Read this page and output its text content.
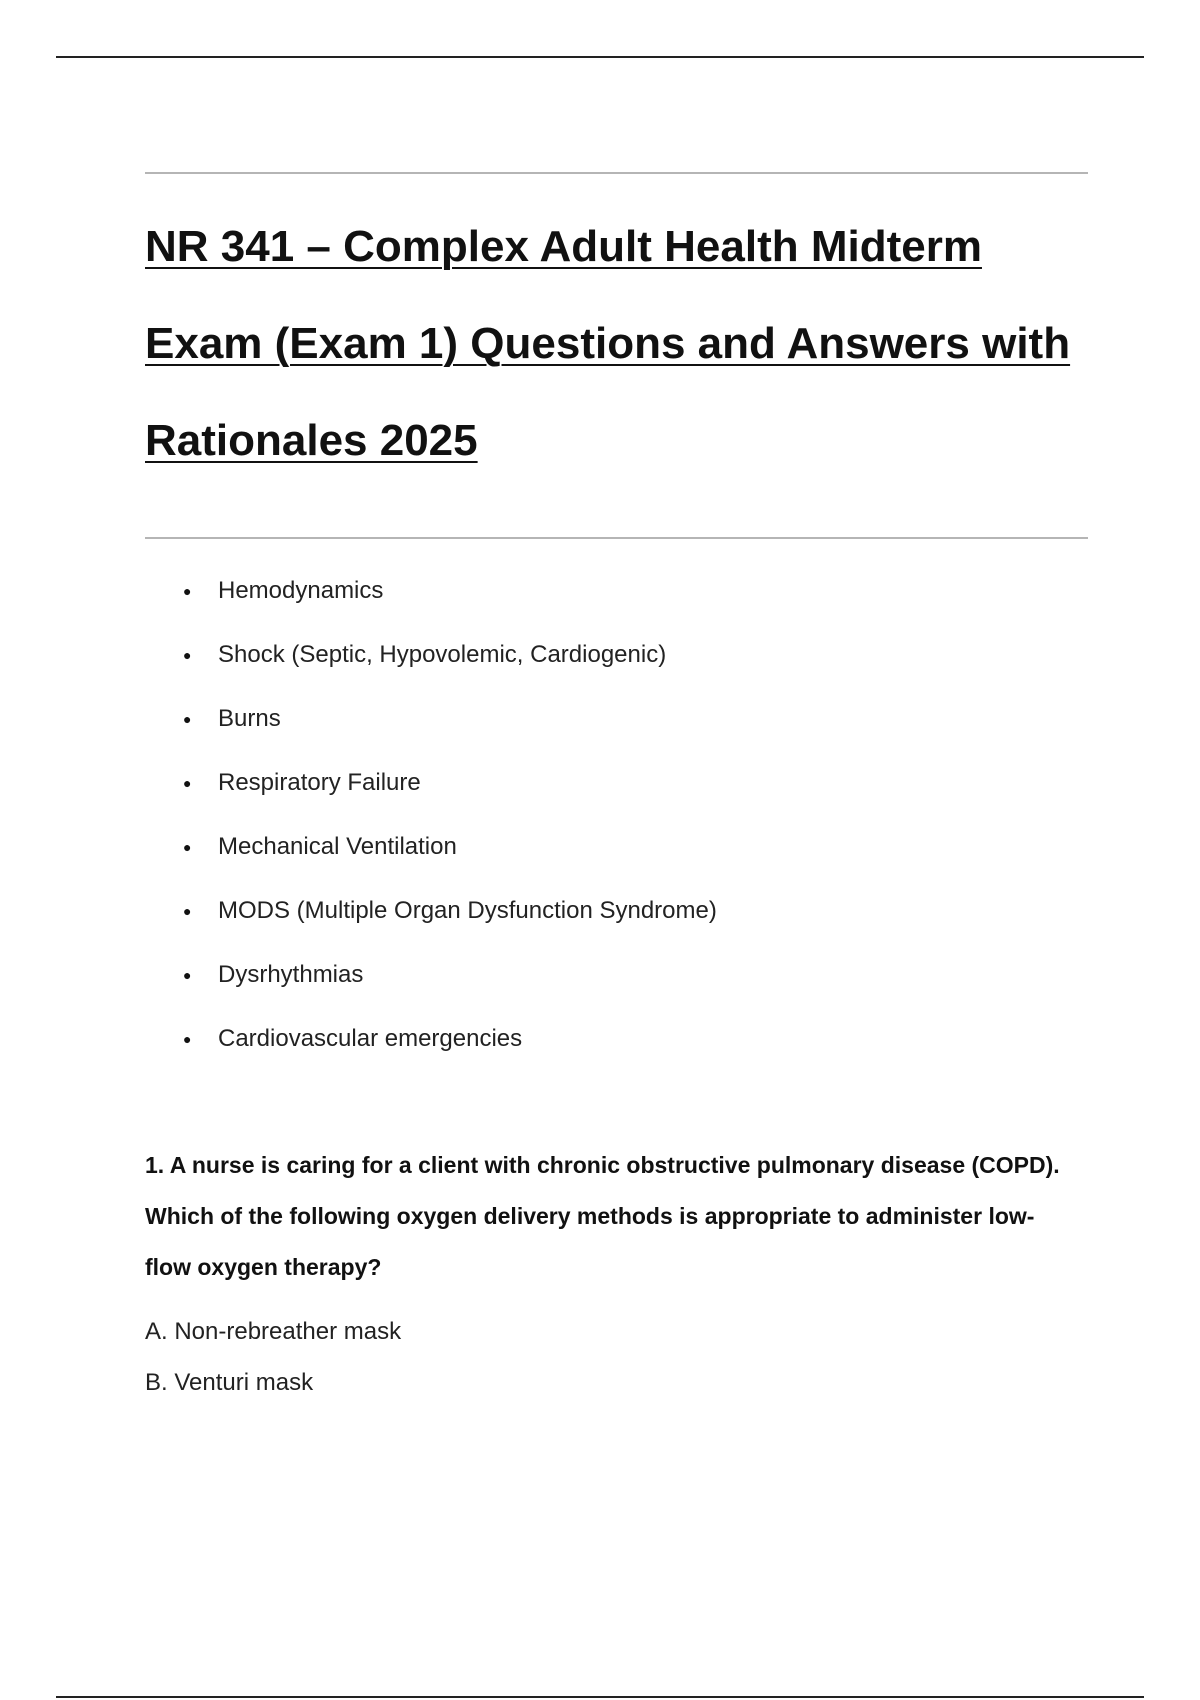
NR 341 – Complex Adult Health Midterm Exam (Exam 1) Questions and Answers with Rationales 2025
● Hemodynamics
● Shock (Septic, Hypovolemic, Cardiogenic)
● Burns
● Respiratory Failure
● Mechanical Ventilation
● MODS (Multiple Organ Dysfunction Syndrome)
● Dysrhythmias
● Cardiovascular emergencies

1. A nurse is caring for a client with chronic obstructive pulmonary disease (COPD). Which of the following oxygen delivery methods is appropriate to administer low-flow oxygen therapy?

A. Non-rebreather mask
B. Venturi mask
